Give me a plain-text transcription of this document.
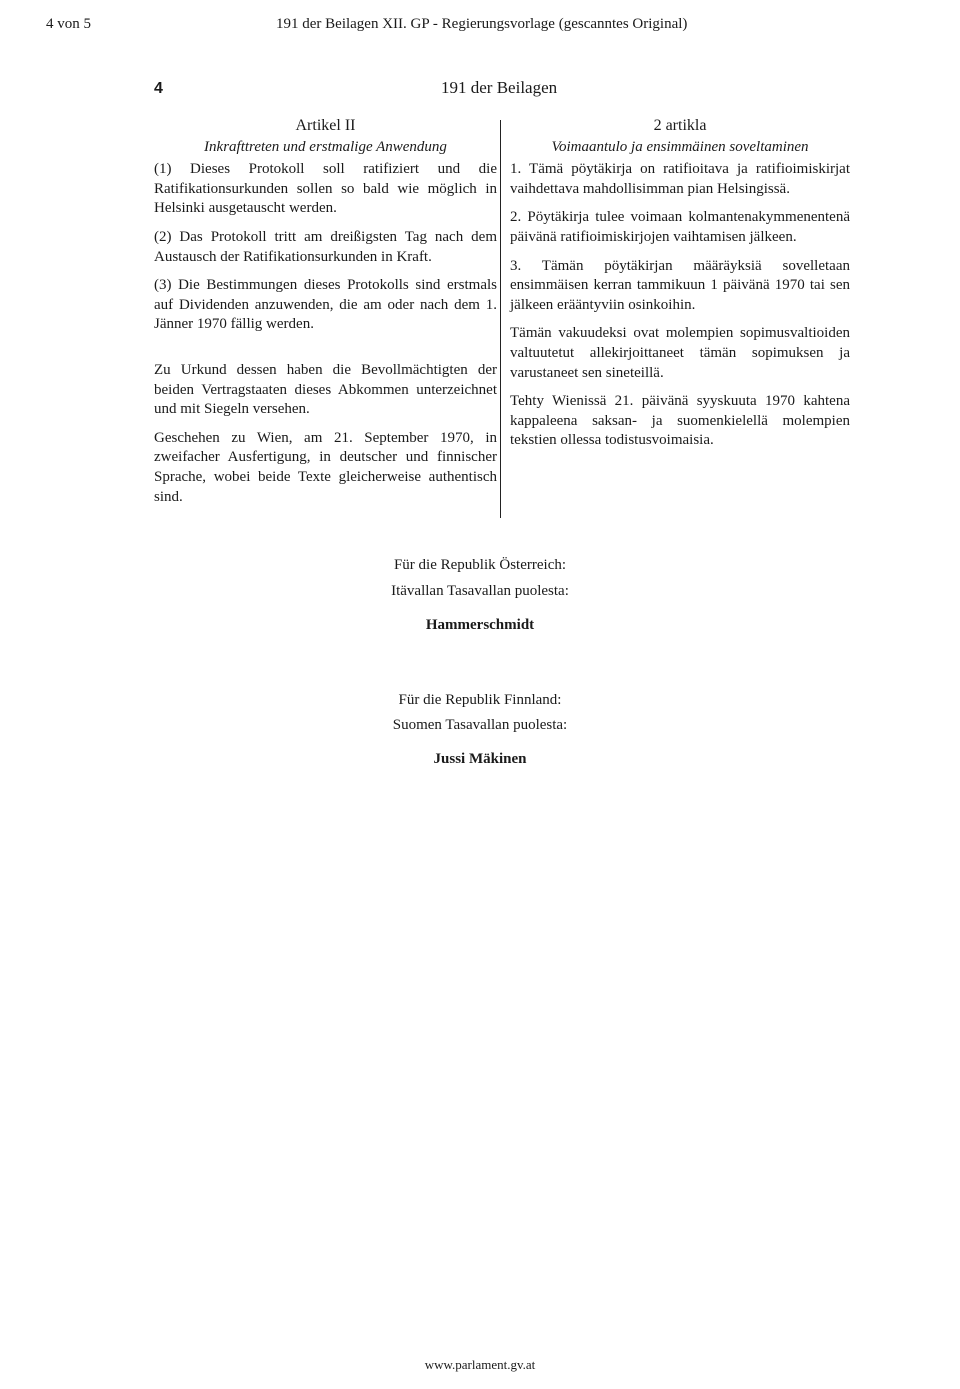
4 von 5	191 der Beilagen XII. GP - Regierungsvorlage (gescanntes Original)
4	191 der Beilagen

Artikel II

Inkrafttreten und erstmalige Anwendung

(1) Dieses Protokoll soll ratifiziert und die Ratifikationsurkunden sollen so bald wie möglich in Helsinki ausgetauscht werden.

(2) Das Protokoll tritt am dreißigsten Tag nach dem Austausch der Ratifikationsurkunden in Kraft.

(3) Die Bestimmungen dieses Protokolls sind erstmals auf Dividenden anzuwenden, die am oder nach dem 1. Jänner 1970 fällig werden.

Zu Urkund dessen haben die Bevollmächtigten der beiden Vertragstaaten dieses Abkommen unterzeichnet und mit Siegeln versehen.

Geschehen zu Wien, am 21. September 1970, in zweifacher Ausfertigung, in deutscher und finnischer Sprache, wobei beide Texte gleicherweise authentisch sind.

2 artikla

Voimaantulo ja ensimmäinen soveltaminen

1. Tämä pöytäkirja on ratifioitava ja ratifioimiskirjat vaihdettava mahdollisimman pian Helsingissä.

2. Pöytäkirja tulee voimaan kolmantenakymmenentenä päivänä ratifioimiskirjojen vaihtamisen jälkeen.

3. Tämän pöytäkirjan määräyksiä sovelletaan ensimmäisen kerran tammikuun 1 päivänä 1970 tai sen jälkeen erääntyviin osinkoihin.

Tämän vakuudeksi ovat molempien sopimusvaltioiden valtuutetut allekirjoittaneet tämän sopimuksen ja varustaneet sen sineteillä.

Tehty Wienissä 21. päivänä syyskuuta 1970 kahtena kappaleena saksan- ja suomenkielellä molempien tekstien ollessa todistusvoimaisia.

Für die Republik Österreich:
Itävallan Tasavallan puolesta:
Hammerschmidt
Für die Republik Finnland:
Suomen Tasavallan puolesta:
Jussi Mäkinen
www.parlament.gv.at
